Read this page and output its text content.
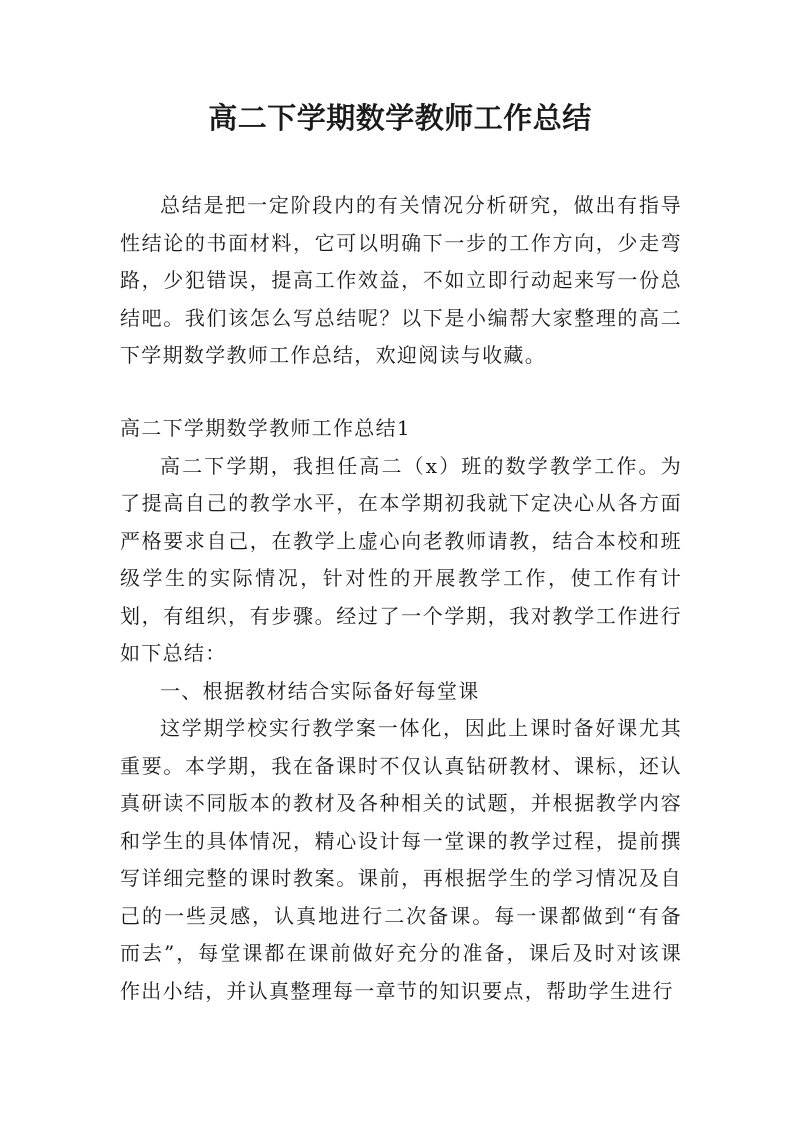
高二下学期数学教师工作总结

总结是把一定阶段内的有关情况分析研究，做出有指导性结论的书面材料，它可以明确下一步的工作方向，少走弯路，少犯错误，提高工作效益，不如立即行动起来写一份总结吧。我们该怎么写总结呢？以下是小编帮大家整理的高二下学期数学教师工作总结，欢迎阅读与收藏。

高二下学期数学教师工作总结1

高二下学期，我担任高二（x）班的数学教学工作。为了提高自己的教学水平，在本学期初我就下定决心从各方面严格要求自己，在教学上虚心向老教师请教，结合本校和班级学生的实际情况，针对性的开展教学工作，使工作有计划，有组织，有步骤。经过了一个学期，我对教学工作进行如下总结：

一、根据教材结合实际备好每堂课

这学期学校实行教学案一体化，因此上课时备好课尤其重要。本学期，我在备课时不仅认真钻研教材、课标，还认真研读不同版本的教材及各种相关的试题，并根据教学内容和学生的具体情况，精心设计每一堂课的教学过程，提前撰写详细完整的课时教案。课前，再根据学生的学习情况及自己的一些灵感，认真地进行二次备课。每一课都做到“有备而去”，每堂课都在课前做好充分的准备，课后及时对该课作出小结，并认真整理每一章节的知识要点，帮助学生进行
